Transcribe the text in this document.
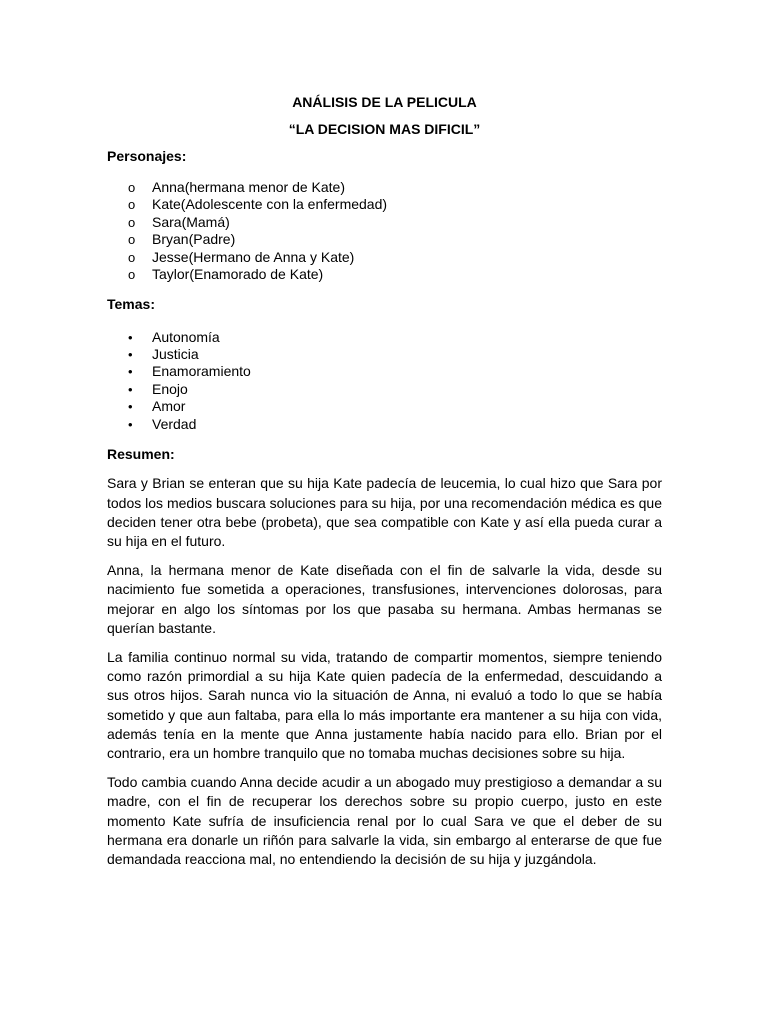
ANÁLISIS DE LA PELICULA

“LA DECISION MAS DIFICIL”

Personajes:

o Anna(hermana menor de Kate)
o Kate(Adolescente con la enfermedad)
o Sara(Mamá)
o Bryan(Padre)
o Jesse(Hermano de Anna y Kate)
o Taylor(Enamorado de Kate)

Temas:

• Autonomía
• Justicia
• Enamoramiento
• Enojo
• Amor
• Verdad

Resumen:

Sara y Brian se enteran que su hija Kate padecía de leucemia, lo cual hizo que Sara por todos los medios buscara soluciones para su hija, por una recomendación médica es que deciden tener otra bebe (probeta), que sea compatible con Kate y así ella pueda curar a su hija en el futuro.

Anna, la hermana menor de Kate diseñada con el fin de salvarle la vida, desde su nacimiento fue sometida a operaciones, transfusiones, intervenciones dolorosas, para mejorar en algo los síntomas por los que pasaba su hermana. Ambas hermanas se querían bastante.

La familia continuo normal su vida, tratando de compartir momentos, siempre teniendo como razón primordial a su hija Kate quien padecía de la enfermedad, descuidando a sus otros hijos. Sarah nunca vio la situación de Anna, ni evaluó a todo lo que se había sometido y que aun faltaba, para ella lo más importante era mantener a su hija con vida, además tenía en la mente que Anna justamente había nacido para ello. Brian por el contrario, era un hombre tranquilo que no tomaba muchas decisiones sobre su hija.

Todo cambia cuando Anna decide acudir a un abogado muy prestigioso a demandar a su madre, con el fin de recuperar los derechos sobre su propio cuerpo, justo en este momento Kate sufría de insuficiencia renal por lo cual Sara ve que el deber de su hermana era donarle un riñón para salvarle la vida, sin embargo al enterarse de que fue demandada reacciona mal, no entendiendo la decisión de su hija y juzgándola.
